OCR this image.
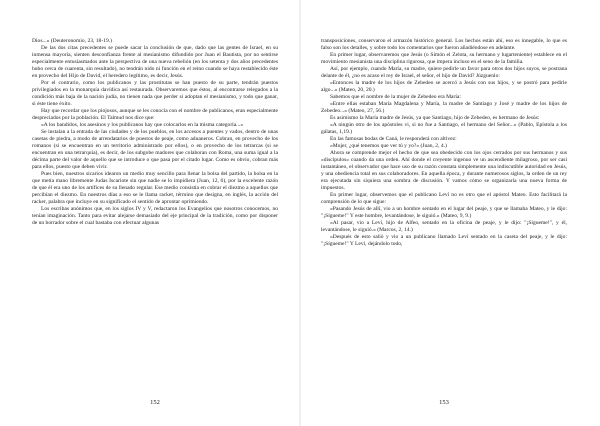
Dios...» (Deuteronomio, 23, 18-19.)

De las dos citas precedentes se puede sacar la conclusión de que, dado que las gentes de Israel, en su inmensa mayoría, sienten desconfianza frente al mesianismo difundido por Juan el Bautista, por no sentirse especialmente entusiasmados ante la perspectiva de una nueva rebelión (en los setenta y dos años precedentes hubo cerca de cuarenta, sin resultado), no tendrán nido ni función en el reino cuando se haya restablecido éste en provecho del Hijo de David, el heredero legítimo, es decir, Jesús.

Por el contrario, como los publicanos y las prostitutas se han puesto de su parte, tendrán puestos privilegiados en la monarquía davídica así restaurada. Observaremos que éstos, al encontrarse relegados a la condición más baja de la nación judía, no tienen nada que perder si adoptan el mesianismo, y todo que ganar, si éste tiene éxito.

Hay que recordar que los piojosos, aunque se les conocía con el nombre de publicanos, eran especialmente despreciados por la población. El Talmud nos dice que:

«A los bandidos, los asesinos y los publicanos hay que colocarlos en la misma categoría...»

Se instalan a la entrada de las ciudades y de los pueblos, en los accesos a puentes y vados, dentro de unas casetas de piedra, a modo de arrendatarios de puestos de peaje, como aduaneros. Cobran, en provecho de los romanos (si se encuentran en un territorio administrado por ellos), o en provecho de los tetrarcas (si se encuentran en una tetrarquía), es decir, de los subgobe madores que colaboran con Roma, una suma igual a la décima parte del valor de aquello que se introduce o que pasa por el citado lugar. Como es obvio, cobran más para ellos, puesto que deben vivir.

Pues bien, nuestros sicarios idearon un medio muy sencillo para llenar la bolsa del partido, la bolsa en la que metía mano libremente Judas Iscariote sin que nadie se lo impidiera (Juan, 12, 6), por la excelente razón de que él era uno de los artífices de su llenado regular. Ese medio consistía en cobrar el diezmo a aquellos que percibían el diezmo. En nuestros días a eso se le llama racket, término que designa, en inglés, la acción del racker, palabra que incluye en su significado el sentido de aprontar oprimiendo.

Los escribas anónimos que, en los siglos IV y V, redactaron los Evangelios que nosotros conocemos, no tenían imaginación. Tanto para evitar alejarse demasiado del eje principal de la tradición, como por disponer de un borrador sobre el cual bastaba con efectuar algunas

152

transposiciones, conservaron el armazón histórico general. Los hechos están ahí, eso es innegable, lo que es falso son los detalles, y sobre todo los comentarios que fueron añadiéndose en adelante.

En primer lugar, observaremos que Jesús (o Simón el Zelota, su hermano y lugarteniente) establece en el movimiento mesianista una disciplina rigurosa, que impera incluso en el seno de la familia.

Así, por ejemplo, cuando María, su madre, quiere pedirle un favor para otros dos hijos suyos, se postrana delante de él, ¿no es acaso el rey de Israel, el señor, el hijo de David? Júzguenlo:

«Entonces la madre de los hijos de Zebedeo se acercó a Jesús con sus hijos, y se postró para pedirle algo...» (Mateo, 20, 20.)

Sabemos que el nombre de la mujer de Zebedeo era María:

«Entre ellas estaban María Magdalena y María, la madre de Santiago y José y madre de los hijos de Zebedeo...» (Mateo, 27, 56.)

Es asimismo la María madre de Jesús, ya que Santiago, hijo de Zebedeo, es hermano de Jesús:

«A ningún otro de los apóstoles vi, si no fue a Santiago, el hermano del Señor...» (Pablo, Epístola a los gálatas, 1,19.)

En las famosas bodas de Caná, le responderá con altivez:

«Mujer, ¿qué tenemos que ver tú y yo?» (Juan, 2, 4.)

Ahora se comprende mejor el hecho de que sea obedecido con los ojos cerrados por sus hermanos y sus «discípulos» cuando da una orden. Ahí donde el creyente ingenuo ve un ascendiente milagroso, por ser casi instantáneo, el observador que hace uso de su razón constata simplemente una indiscutible autoridad en Jesús, y una obediencia total en sus colaboradores. En aquella época, y durante numerosos siglos, la orden de un rey era ejecutada sin siquiera una sombra de discusión. Y vamos cómo se organizaría una nueva forma de impuestos.

En primer lugar, observemos que el publicano Leví no es otro que el apóstol Mateo. Esto facilitará la comprensión de lo que sigue:

«Pasando Jesús de allí, vio a un hombre sentado en el lugar del peaje, y que se llamaba Mateo, y le dijo: "¡Sígueme!" Y este hombre, levantándose, le siguió.» (Mateo, 9, 9.)

«Al pasar, vio a Leví, hijo de Alfeo, sentado en la oficina de peaje, y le dijo: "¡Sígueme!", y él, levantándose, le siguió.» (Marcos, 2, 14.)

«Después de esto salió y vio a un publicano llamado Leví sentado en la caseta del peaje, y le dijo: "¡Sígueme!" Y Leví, dejándolo todo,

153
